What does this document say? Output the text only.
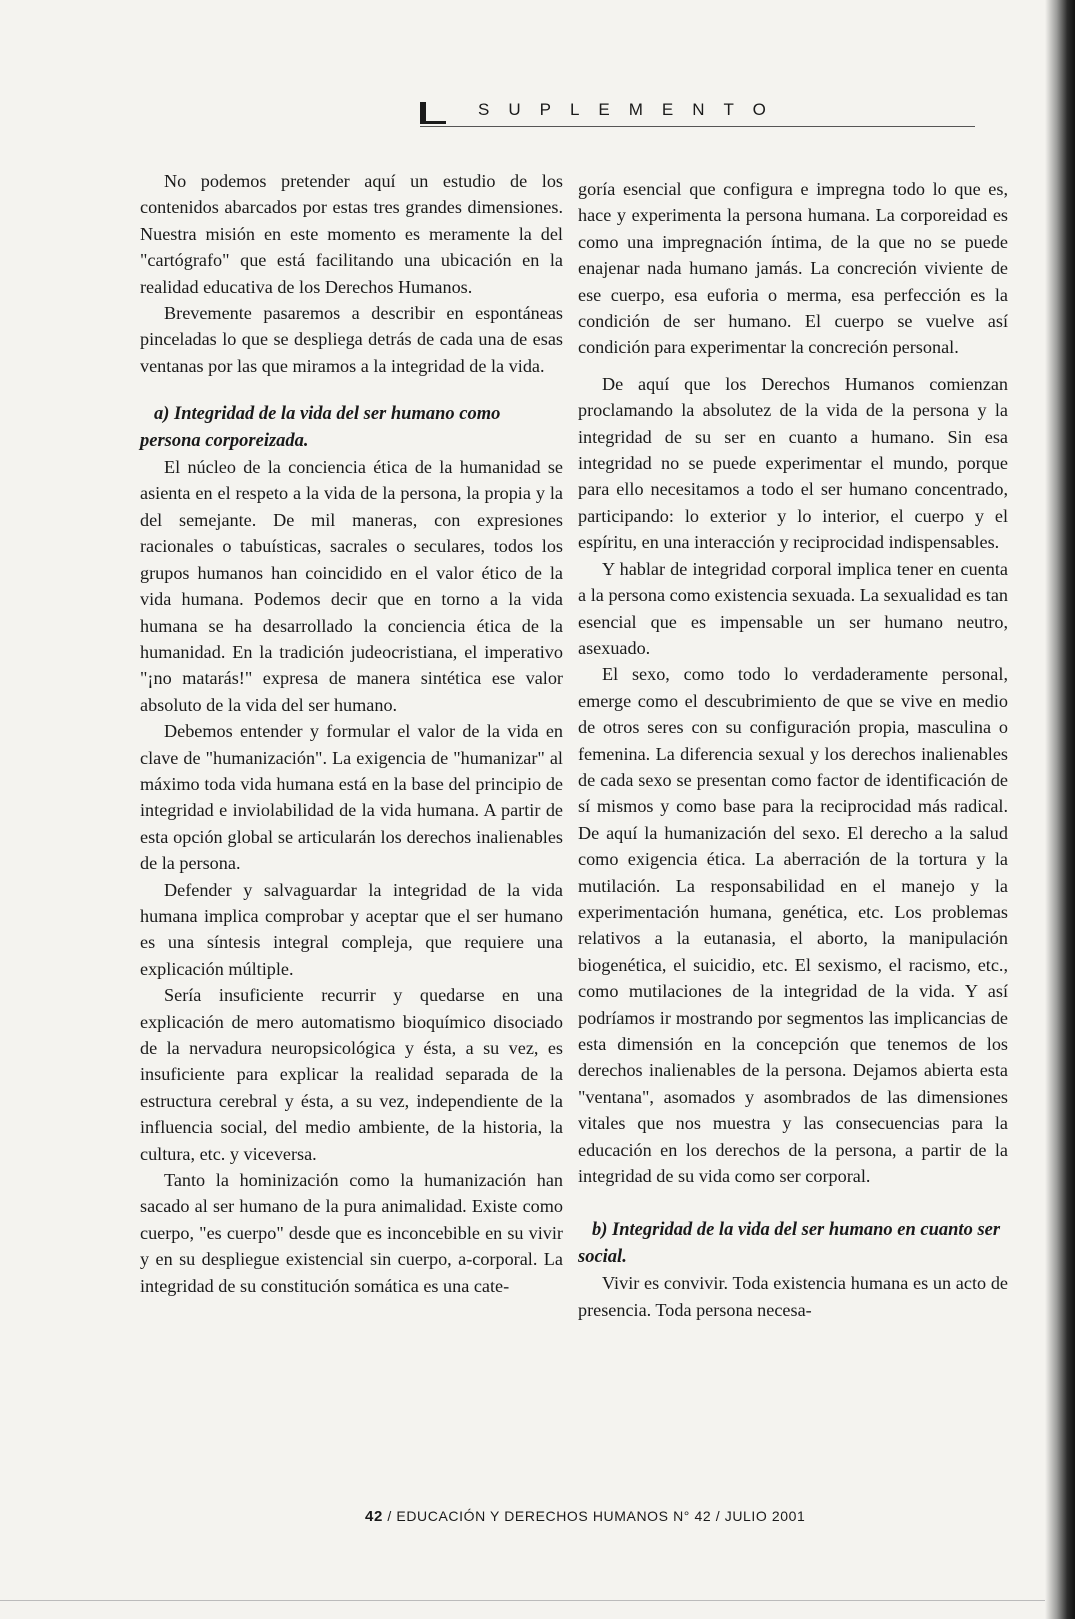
SUPLEMENTO

No podemos pretender aquí un estudio de los contenidos abarcados por estas tres grandes dimensiones. Nuestra misión en este momento es meramente la del "cartógrafo" que está facilitando una ubicación en la realidad educativa de los Derechos Humanos.

Brevemente pasaremos a describir en espontáneas pinceladas lo que se despliega detrás de cada una de esas ventanas por las que miramos a la integridad de la vida.

a) Integridad de la vida del ser humano como persona corporeizada.

El núcleo de la conciencia ética de la humanidad se asienta en el respeto a la vida de la persona, la propia y la del semejante. De mil maneras, con expresiones racionales o tabuísticas, sacrales o seculares, todos los grupos humanos han coincidido en el valor ético de la vida humana. Podemos decir que en torno a la vida humana se ha desarrollado la conciencia ética de la humanidad. En la tradición judeocristiana, el imperativo "¡no matarás!" expresa de manera sintética ese valor absoluto de la vida del ser humano.

Debemos entender y formular el valor de la vida en clave de "humanización". La exigencia de "humanizar" al máximo toda vida humana está en la base del principio de integridad e inviolabilidad de la vida humana. A partir de esta opción global se articularán los derechos inalienables de la persona.

Defender y salvaguardar la integridad de la vida humana implica comprobar y aceptar que el ser humano es una síntesis integral compleja, que requiere una explicación múltiple.

Sería insuficiente recurrir y quedarse en una explicación de mero automatismo bioquímico disociado de la nervadura neuropsicológica y ésta, a su vez, es insuficiente para explicar la realidad separada de la estructura cerebral y ésta, a su vez, independiente de la influencia social, del medio ambiente, de la historia, la cultura, etc. y viceversa.

Tanto la hominización como la humanización han sacado al ser humano de la pura animalidad. Existe como cuerpo, "es cuerpo" desde que es inconcebible en su vivir y en su despliegue existencial sin cuerpo, a-corporal. La integridad de su constitución somática es una cate-

goría esencial que configura e impregna todo lo que es, hace y experimenta la persona humana. La corporeidad es como una impregnación íntima, de la que no se puede enajenar nada humano jamás. La concreción viviente de ese cuerpo, esa euforia o merma, esa perfección es la condición de ser humano. El cuerpo se vuelve así condición para experimentar la concreción personal.

De aquí que los Derechos Humanos comienzan proclamando la absolutez de la vida de la persona y la integridad de su ser en cuanto a humano. Sin esa integridad no se puede experimentar el mundo, porque para ello necesitamos a todo el ser humano concentrado, participando: lo exterior y lo interior, el cuerpo y el espíritu, en una interacción y reciprocidad indispensables.

Y hablar de integridad corporal implica tener en cuenta a la persona como existencia sexuada. La sexualidad es tan esencial que es impensable un ser humano neutro, asexuado.

El sexo, como todo lo verdaderamente personal, emerge como el descubrimiento de que se vive en medio de otros seres con su configuración propia, masculina o femenina. La diferencia sexual y los derechos inalienables de cada sexo se presentan como factor de identificación de sí mismos y como base para la reciprocidad más radical. De aquí la humanización del sexo. El derecho a la salud como exigencia ética. La aberración de la tortura y la mutilación. La responsabilidad en el manejo y la experimentación humana, genética, etc. Los problemas relativos a la eutanasia, el aborto, la manipulación biogenética, el suicidio, etc. El sexismo, el racismo, etc., como mutilaciones de la integridad de la vida. Y así podríamos ir mostrando por segmentos las implicancias de esta dimensión en la concepción que tenemos de los derechos inalienables de la persona. Dejamos abierta esta "ventana", asomados y asombrados de las dimensiones vitales que nos muestra y las consecuencias para la educación en los derechos de la persona, a partir de la integridad de su vida como ser corporal.

b) Integridad de la vida del ser humano en cuanto ser social.

Vivir es convivir. Toda existencia humana es un acto de presencia. Toda persona necesa-

42 / EDUCACIÓN Y DERECHOS HUMANOS N° 42 / JULIO 2001
